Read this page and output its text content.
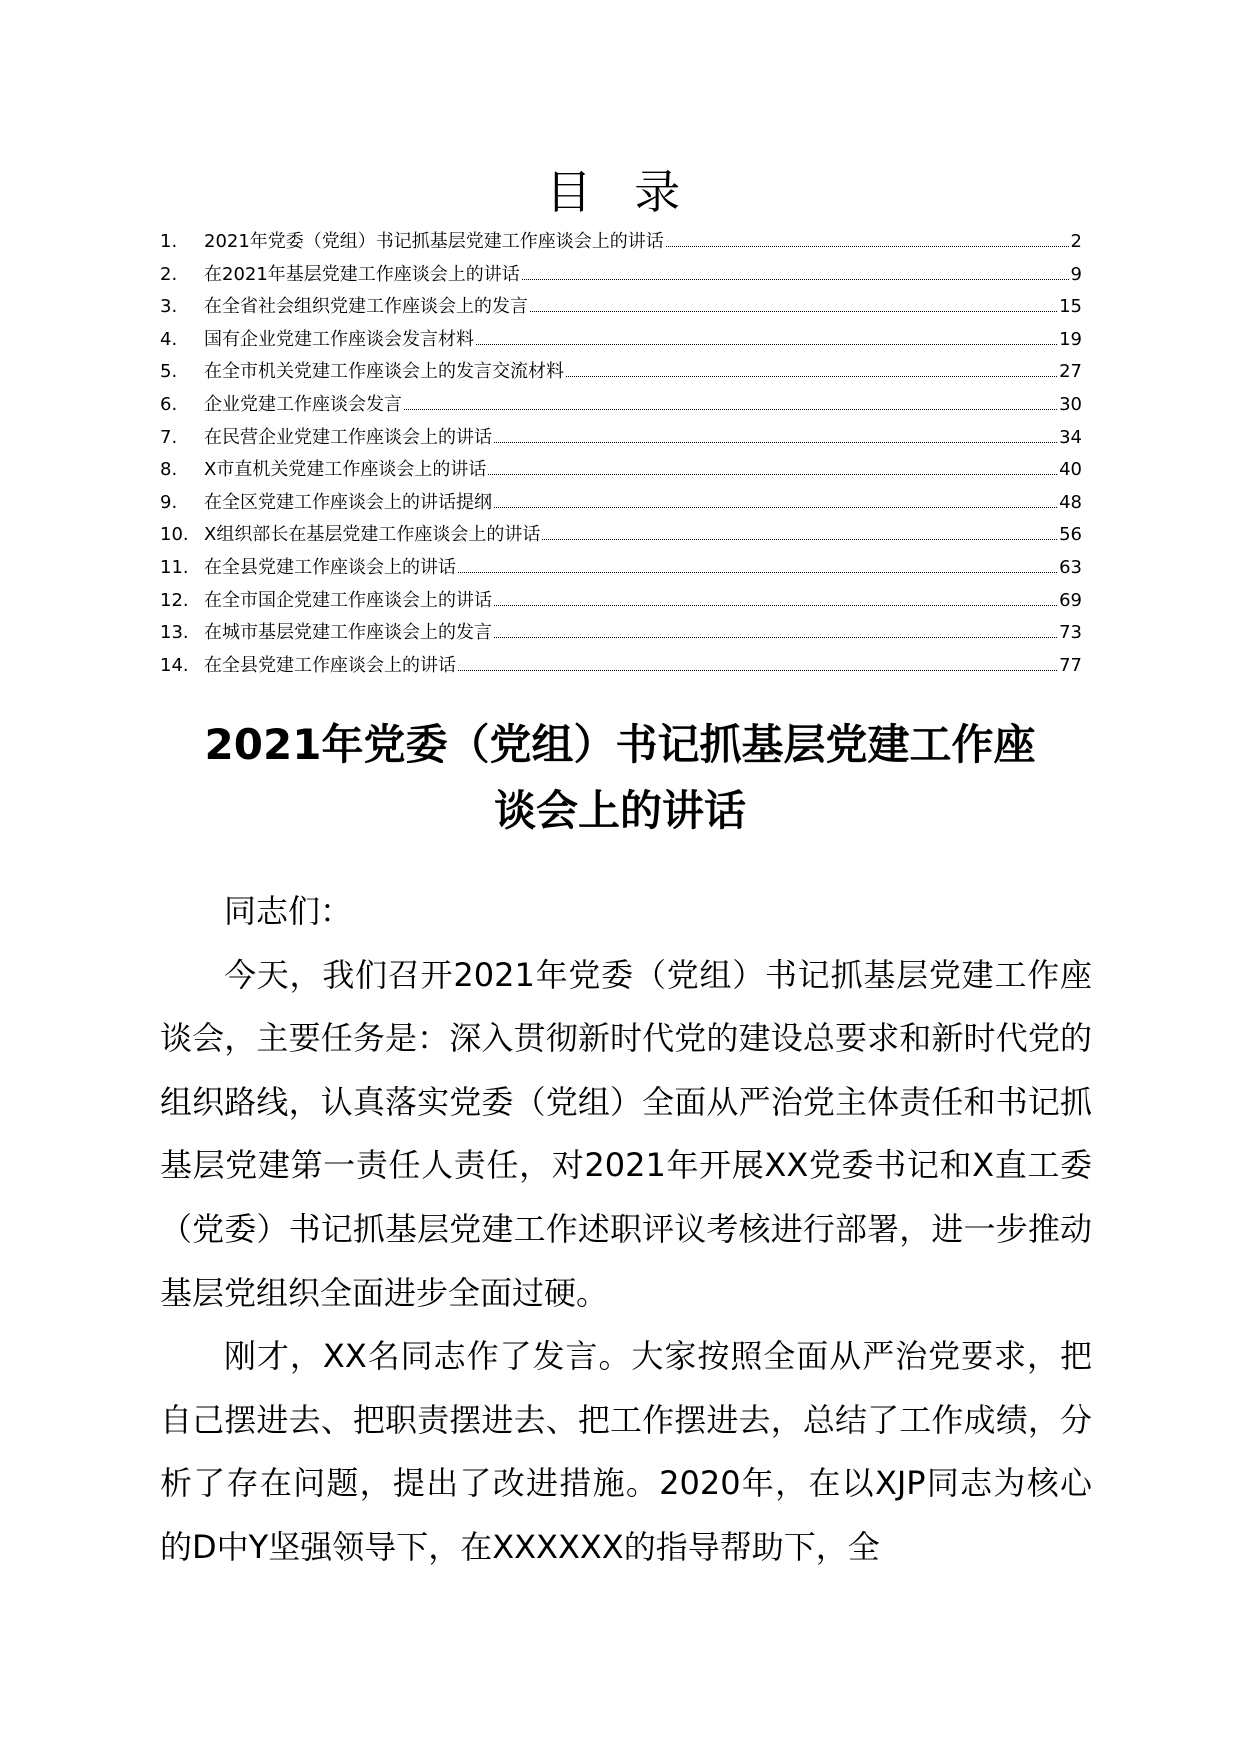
目 录
1.	2021年党委（党组）书记抓基层党建工作座谈会上的讲话	2
2.	在2021年基层党建工作座谈会上的讲话	9
3.	在全省社会组织党建工作座谈会上的发言	15
4.	国有企业党建工作座谈会发言材料	19
5.	在全市机关党建工作座谈会上的发言交流材料	27
6.	企业党建工作座谈会发言	30
7.	在民营企业党建工作座谈会上的讲话	34
8.	X市直机关党建工作座谈会上的讲话	40
9.	在全区党建工作座谈会上的讲话提纲	48
10. X组织部长在基层党建工作座谈会上的讲话	56
11. 在全县党建工作座谈会上的讲话	63
12. 在全市国企党建工作座谈会上的讲话	69
13. 在城市基层党建工作座谈会上的发言	73
14. 在全县党建工作座谈会上的讲话	77
2021年党委（党组）书记抓基层党建工作座
谈会上的讲话

同志们：

今天，我们召开2021年党委（党组）书记抓基层党建工作座谈会，主要任务是：深入贯彻新时代党的建设总要求和新时代党的组织路线，认真落实党委（党组）全面从严治党主体责任和书记抓基层党建第一责任人责任，对2021年开展XX党委书记和X直工委（党委）书记抓基层党建工作述职评议考核进行部署，进一步推动基层党组织全面进步全面过硬。

刚才，XX名同志作了发言。大家按照全面从严治党要求，把自己摆进去、把职责摆进去、把工作摆进去，总结了工作成绩，分析了存在问题，提出了改进措施。2020年，在以XJP同志为核心的D中Y坚强领导下，在XXXXXX的指导帮助下，全
